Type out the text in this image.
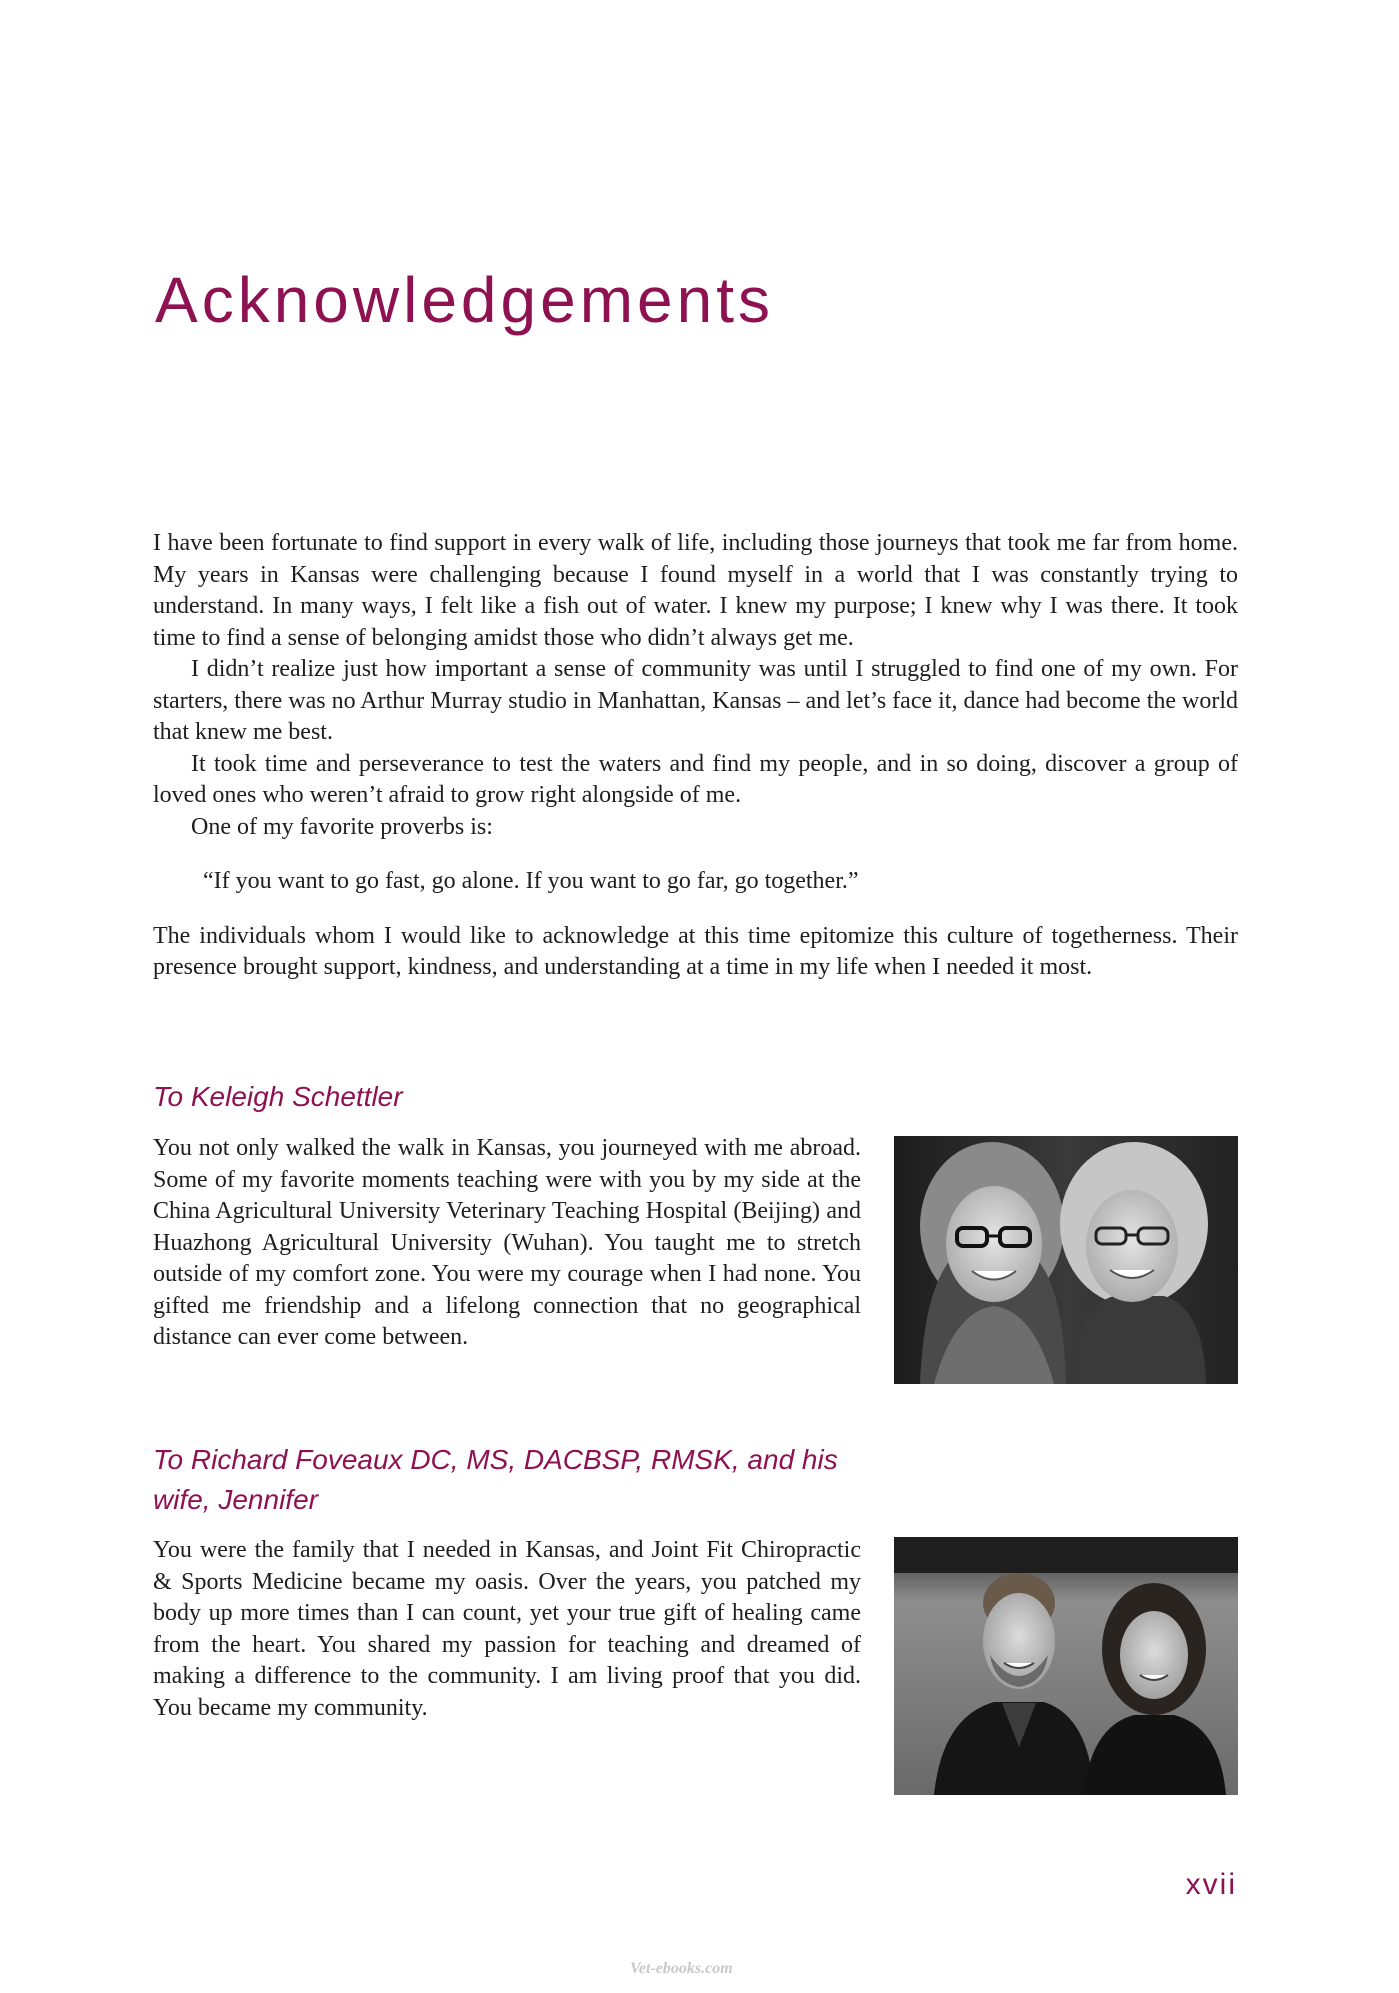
Acknowledgements

I have been fortunate to find support in every walk of life, including those journeys that took me far from home. My years in Kansas were challenging because I found myself in a world that I was constantly trying to understand. In many ways, I felt like a fish out of water. I knew my purpose; I knew why I was there. It took time to find a sense of belonging amidst those who didn’t always get me.

I didn’t realize just how important a sense of community was until I struggled to find one of my own. For starters, there was no Arthur Murray studio in Manhattan, Kansas – and let’s face it, dance had become the world that knew me best.

It took time and perseverance to test the waters and find my people, and in so doing, discover a group of loved ones who weren’t afraid to grow right alongside of me.

One of my favorite proverbs is:

“If you want to go fast, go alone. If you want to go far, go together.”

The individuals whom I would like to acknowledge at this time epitomize this culture of togetherness. Their presence brought support, kindness, and understanding at a time in my life when I needed it most.

To Keleigh Schettler

You not only walked the walk in Kansas, you journeyed with me abroad. Some of my favorite moments teaching were with you by my side at the China Agricultural University Veterinary Teaching Hospital (Beijing) and Huazhong Agricultural University (Wuhan). You taught me to stretch outside of my comfort zone. You were my courage when I had none. You gifted me friendship and a lifelong connection that no geographical distance can ever come between.

To Richard Foveaux DC, MS, DACBSP, RMSK, and his wife, Jennifer

You were the family that I needed in Kansas, and Joint Fit Chiropractic & Sports Medicine became my oasis. Over the years, you patched my body up more times than I can count, yet your true gift of healing came from the heart. You shared my passion for teaching and dreamed of making a difference to the community. I am living proof that you did. You became my community.

xvii
Vet-ebooks.com
